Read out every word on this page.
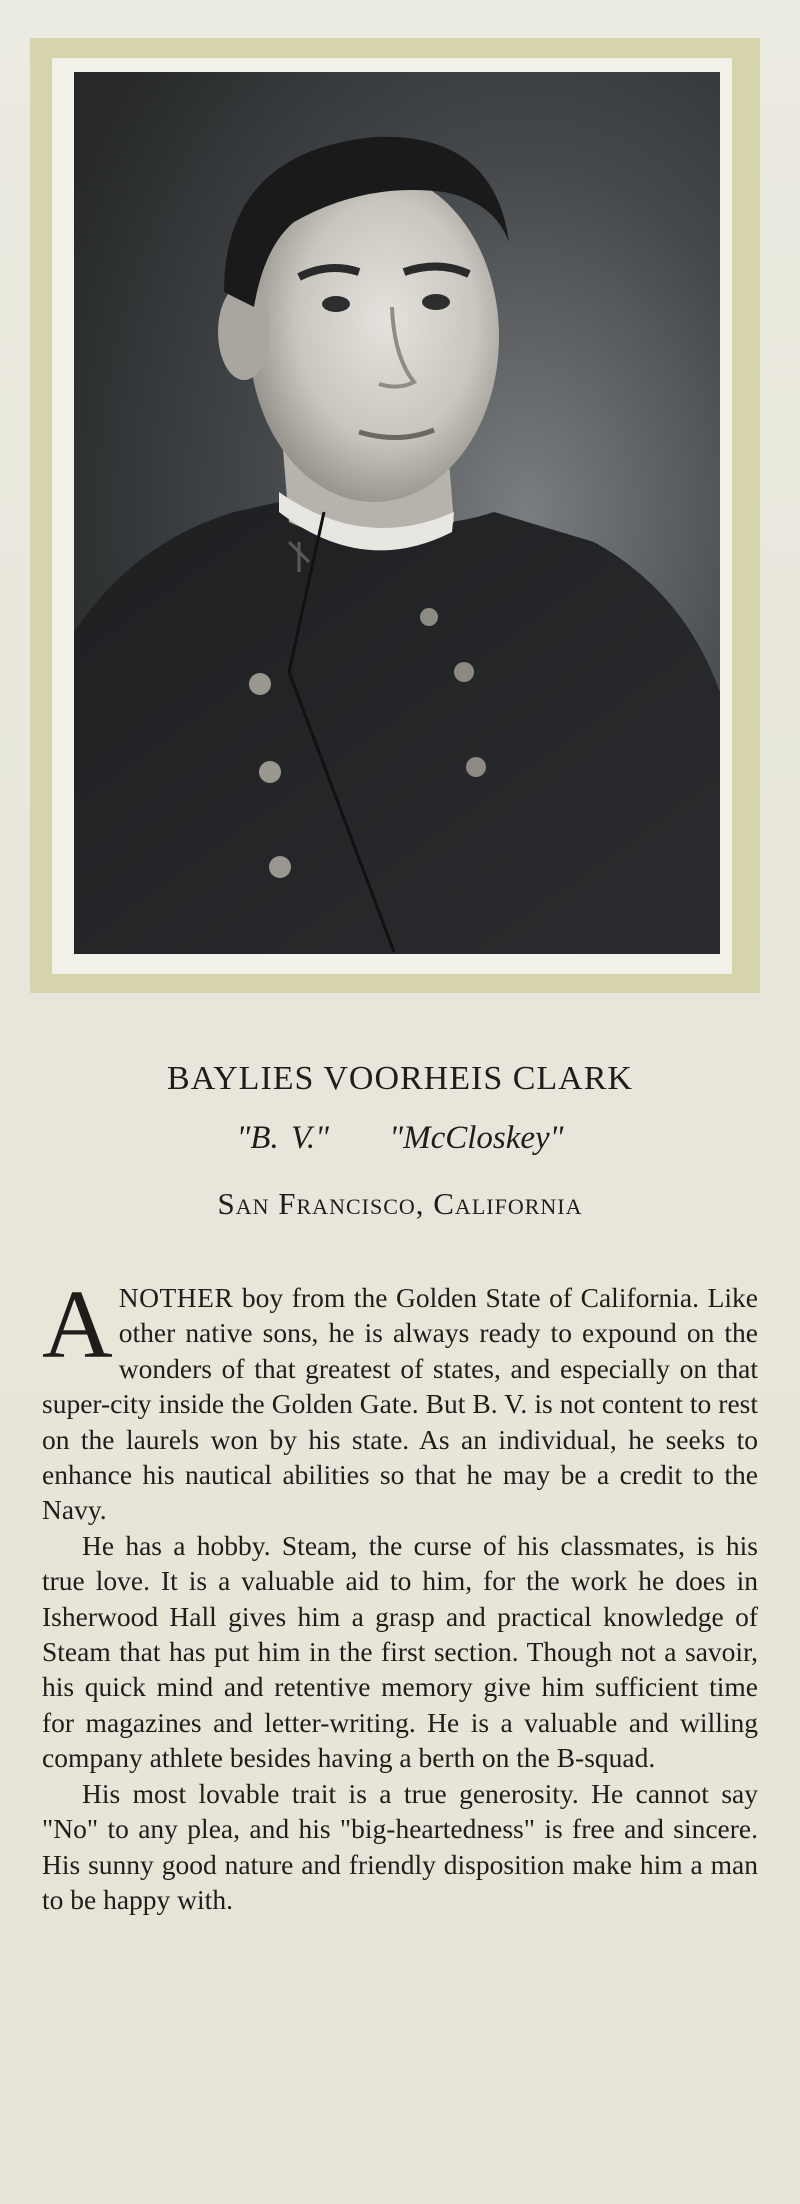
BAYLIES VOORHEIS CLARK
"B. V." "McCloskey"
San Francisco, California

ANOTHER boy from the Golden State of California. Like other native sons, he is always ready to expound on the wonders of that greatest of states, and especially on that super-city inside the Golden Gate. But B. V. is not content to rest on the laurels won by his state. As an individual, he seeks to enhance his nautical abilities so that he may be a credit to the Navy.

He has a hobby. Steam, the curse of his classmates, is his true love. It is a valuable aid to him, for the work he does in Isherwood Hall gives him a grasp and practical knowledge of Steam that has put him in the first section. Though not a savoir, his quick mind and retentive memory give him sufficient time for magazines and letter-writing. He is a valuable and willing company athlete besides having a berth on the B-squad.

His most lovable trait is a true generosity. He cannot say "No" to any plea, and his "big-heartedness" is free and sincere. His sunny good nature and friendly disposition make him a man to be happy with.
